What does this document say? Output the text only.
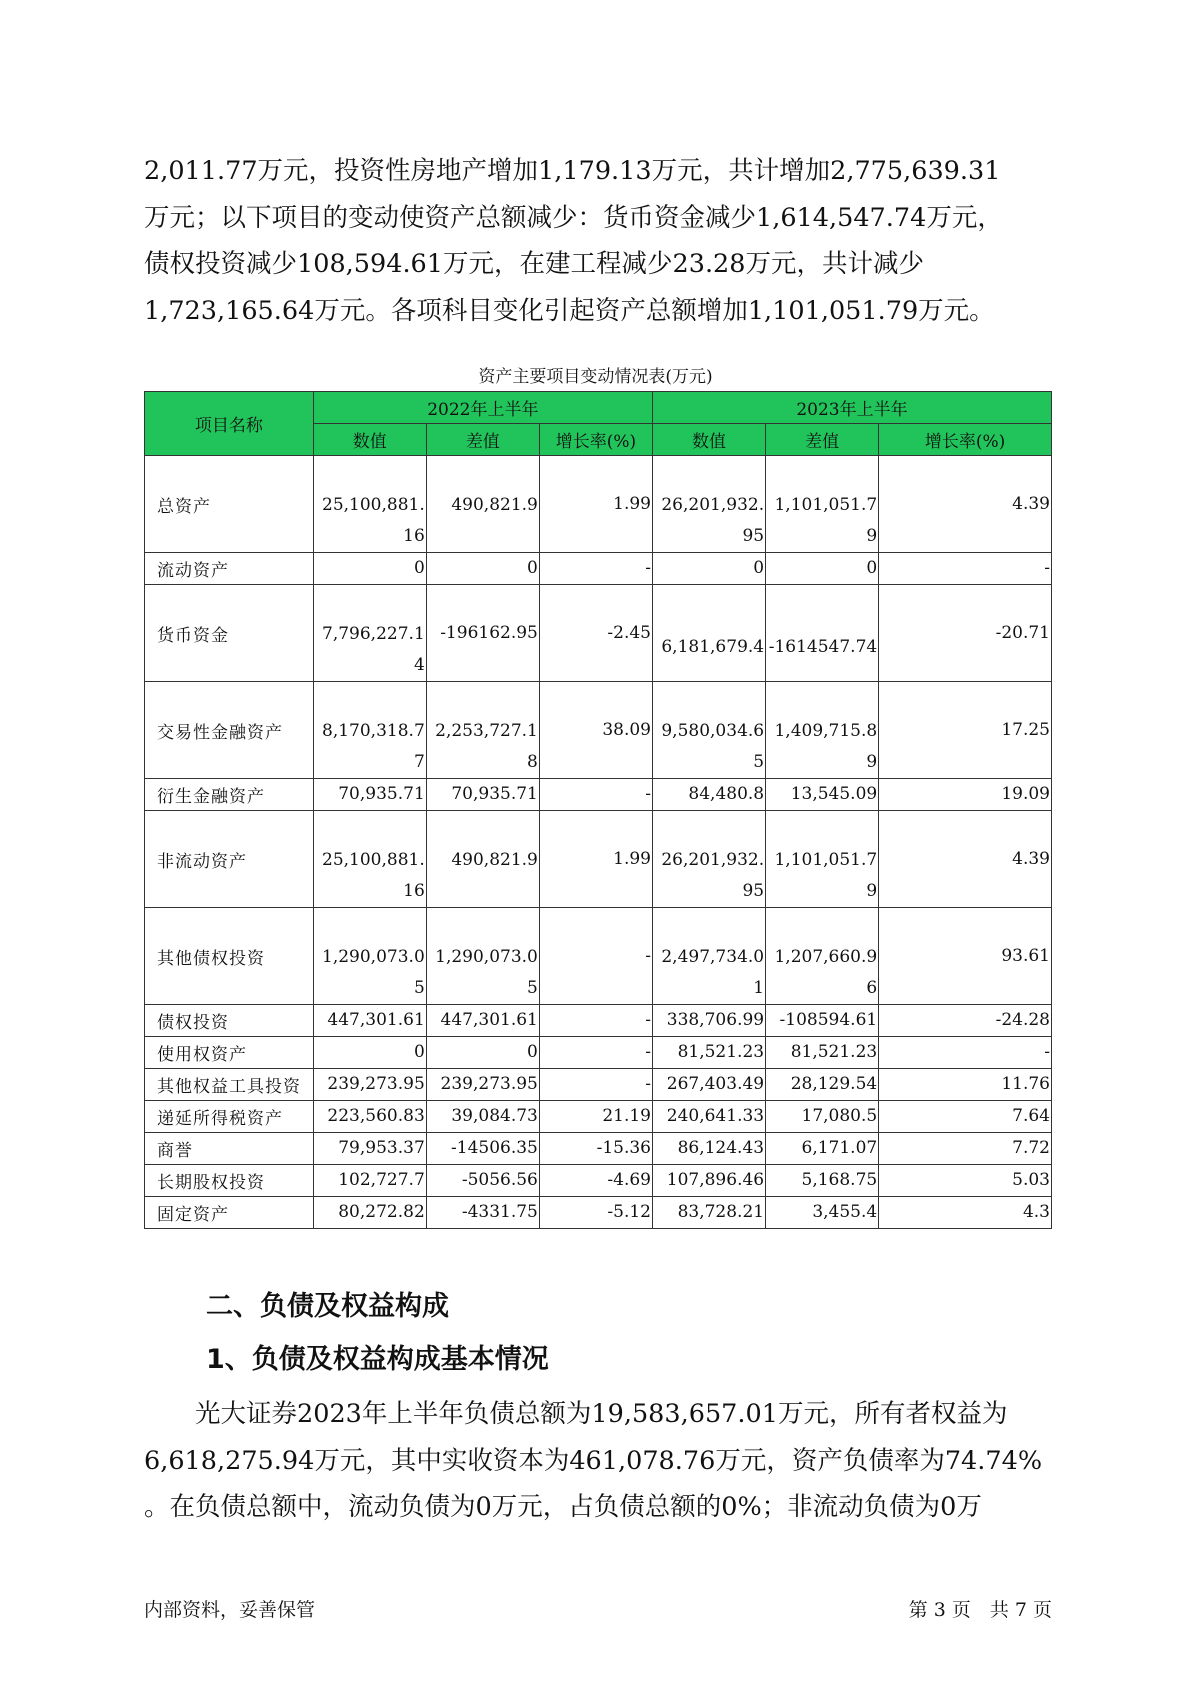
2,011.77万元，投资性房地产增加1,179.13万元，共计增加2,775,639.31
万元；以下项目的变动使资产总额减少：货币资金减少1,614,547.74万元，
债权投资减少108,594.61万元，在建工程减少23.28万元，共计减少
1,723,165.64万元。各项科目变化引起资产总额增加1,101,051.79万元。
资产主要项目变动情况表(万元)
项目名称	2022年上半年			2023年上半年		
	数值	差值	增长率(%)	数值	差值	增长率(%)
总资产	25,100,881.16	490,821.9	1.99	26,201,932.95	1,101,051.79	4.39

流动资产	0	0	-	0	0	-
货币资金	7,796,227.14	-196162.95	-2.45	6,181,679.4	-1614547.74	-20.71

交易性金融资产	8,170,318.77	2,253,727.18	38.09	9,580,034.65	1,409,715.89	17.25

衍生金融资产	70,935.71	70,935.71	-	84,480.8	13,545.09	19.09
非流动资产	25,100,881.16	490,821.9	1.99	26,201,932.95	1,101,051.79	4.39

其他债权投资	1,290,073.05	1,290,073.05	-	2,497,734.01	1,207,660.96	93.61

债权投资	447,301.61	447,301.61	-	338,706.99	-108594.61	-24.28
使用权资产	0	0	-	81,521.23	81,521.23	-
其他权益工具投资	239,273.95	239,273.95	-	267,403.49	28,129.54	11.76
递延所得税资产	223,560.83	39,084.73	21.19	240,641.33	17,080.5	7.64
商誉	79,953.37	-14506.35	-15.36	86,124.43	6,171.07	7.72
长期股权投资	102,727.7	-5056.56	-4.69	107,896.46	5,168.75	5.03
固定资产	80,272.82	-4331.75	-5.12	83,728.21	3,455.4	4.3
二、负债及权益构成
1、负债及权益构成基本情况
　　光大证券2023年上半年负债总额为19,583,657.01万元，所有者权益为
6,618,275.94万元，其中实收资本为461,078.76万元，资产负债率为74.74%
。在负债总额中，流动负债为0万元，占负债总额的0%；非流动负债为0万
内部资料，妥善保管	第 3 页　共 7 页
